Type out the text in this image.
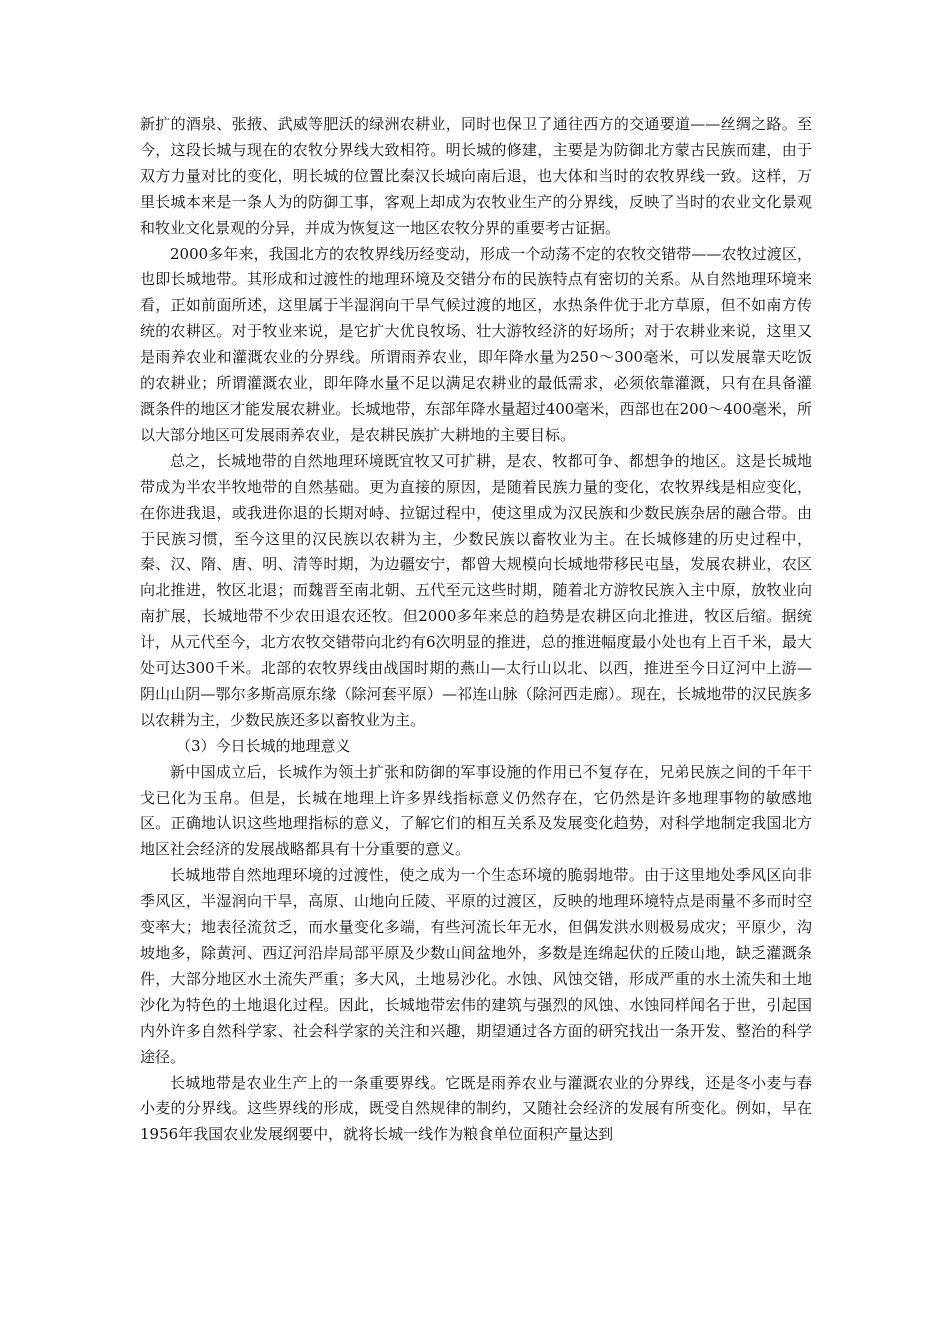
新扩的酒泉、张掖、武威等肥沃的绿洲农耕业，同时也保卫了通往西方的交通要道——丝绸之路。至今，这段长城与现在的农牧分界线大致相符。明长城的修建，主要是为防御北方蒙古民族而建，由于双方力量对比的变化，明长城的位置比秦汉长城向南后退，也大体和当时的农牧界线一致。这样，万里长城本来是一条人为的防御工事，客观上却成为农牧业生产的分界线，反映了当时的农业文化景观和牧业文化景观的分异，并成为恢复这一地区农牧分界的重要考古证据。

2000多年来，我国北方的农牧界线历经变动，形成一个动荡不定的农牧交错带——农牧过渡区，也即长城地带。其形成和过渡性的地理环境及交错分布的民族特点有密切的关系。从自然地理环境来看，正如前面所述，这里属于半湿润向干旱气候过渡的地区，水热条件优于北方草原，但不如南方传统的农耕区。对于牧业来说，是它扩大优良牧场、壮大游牧经济的好场所；对于农耕业来说，这里又是雨养农业和灌溉农业的分界线。所谓雨养农业，即年降水量为250～300毫米，可以发展靠天吃饭的农耕业；所谓灌溉农业，即年降水量不足以满足农耕业的最低需求，必须依靠灌溉，只有在具备灌溉条件的地区才能发展农耕业。长城地带，东部年降水量超过400毫米，西部也在200～400毫米，所以大部分地区可发展雨养农业，是农耕民族扩大耕地的主要目标。

总之，长城地带的自然地理环境既宜牧又可扩耕，是农、牧都可争、都想争的地区。这是长城地带成为半农半牧地带的自然基础。更为直接的原因，是随着民族力量的变化，农牧界线是相应变化，在你进我退，或我进你退的长期对峙、拉锯过程中，使这里成为汉民族和少数民族杂居的融合带。由于民族习惯，至今这里的汉民族以农耕为主，少数民族以畜牧业为主。在长城修建的历史过程中，秦、汉、隋、唐、明、清等时期，为边疆安宁，都曾大规模向长城地带移民屯垦，发展农耕业，农区向北推进，牧区北退；而魏晋至南北朝、五代至元这些时期，随着北方游牧民族入主中原，放牧业向南扩展，长城地带不少农田退农还牧。但2000多年来总的趋势是农耕区向北推进，牧区后缩。据统计，从元代至今，北方农牧交错带向北约有6次明显的推进，总的推进幅度最小处也有上百千米，最大处可达300千米。北部的农牧界线由战国时期的燕山—太行山以北、以西，推进至今日辽河中上游—阴山山阴—鄂尔多斯高原东缘（除河套平原）—祁连山脉（除河西走廊）。现在，长城地带的汉民族多以农耕为主，少数民族还多以畜牧业为主。

（3）今日长城的地理意义

新中国成立后，长城作为领土扩张和防御的军事设施的作用已不复存在，兄弟民族之间的千年干戈已化为玉帛。但是，长城在地理上许多界线指标意义仍然存在，它仍然是许多地理事物的敏感地区。正确地认识这些地理指标的意义，了解它们的相互关系及发展变化趋势，对科学地制定我国北方地区社会经济的发展战略都具有十分重要的意义。

长城地带自然地理环境的过渡性，使之成为一个生态环境的脆弱地带。由于这里地处季风区向非季风区，半湿润向干旱，高原、山地向丘陵、平原的过渡区，反映的地理环境特点是雨量不多而时空变率大；地表径流贫乏，而水量变化多端，有些河流长年无水，但偶发洪水则极易成灾；平原少，沟坡地多，除黄河、西辽河沿岸局部平原及少数山间盆地外，多数是连绵起伏的丘陵山地，缺乏灌溉条件，大部分地区水土流失严重；多大风，土地易沙化。水蚀、风蚀交错，形成严重的水土流失和土地沙化为特色的土地退化过程。因此，长城地带宏伟的建筑与强烈的风蚀、水蚀同样闻名于世，引起国内外许多自然科学家、社会科学家的关注和兴趣，期望通过各方面的研究找出一条开发、整治的科学途径。

长城地带是农业生产上的一条重要界线。它既是雨养农业与灌溉农业的分界线，还是冬小麦与春小麦的分界线。这些界线的形成，既受自然规律的制约，又随社会经济的发展有所变化。例如，早在1956年我国农业发展纲要中，就将长城一线作为粮食单位面积产量达到
